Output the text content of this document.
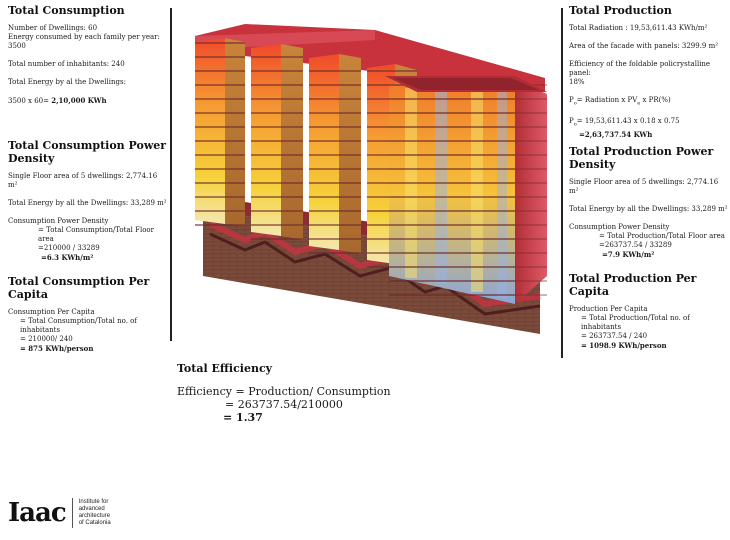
Total Consumption

Number of Dwellings: 60

Energy consumed by each family per year: 3500

Total number of inhabitants: 240

Total Energy by al the Dwellings:

3500 x 60= 2,10,000 KWh

Total Consumption Power Density

Single Floor area of 5 dwellings: 2,774.16 m²

Total Energy by all the Dwellings: 33,289 m²

Consumption Power Density

= Total Consumption/Total Floor area

=210000 / 33289

=6.3 KWh/m²

Total Consumption Per Capita

Consumption Per Capita

= Total Consumption/Total no. of inhabitants

= 210000/ 240

= 875 KWh/person

Total Production

Total Radiation : 19,53,611.43 KWh/m²

Area of the facade with panels: 3299.9 m²

Efficiency of the foldable policrystalline panel:

18%

$P_o=$ Radiation x $PV_e$ x PR(%)

$P_o= 19,53,611.43$ x 0.18 x 0.75

=2,63,737.54 KWh

Total Production Power Density

Single Floor area of 5 dwellings: 2,774.16 m²

Total Energy by all the Dwellings: 33,289 m²

Consumption Power Density

= Total Production/Total Floor area

=263737.54 / 33289

=7.9 KWh/m²

Total Production Per Capita

Production Per Capita

= Total Production/Total no. of inhabitants

= 263737.54 / 240

= 1098.9 KWh/person

Total Efficiency

Efficiency = Production/ Consumption

= 263737.54/210000

= 1.37

Iaac Institute for
advanced
architecture
of Catalonia
